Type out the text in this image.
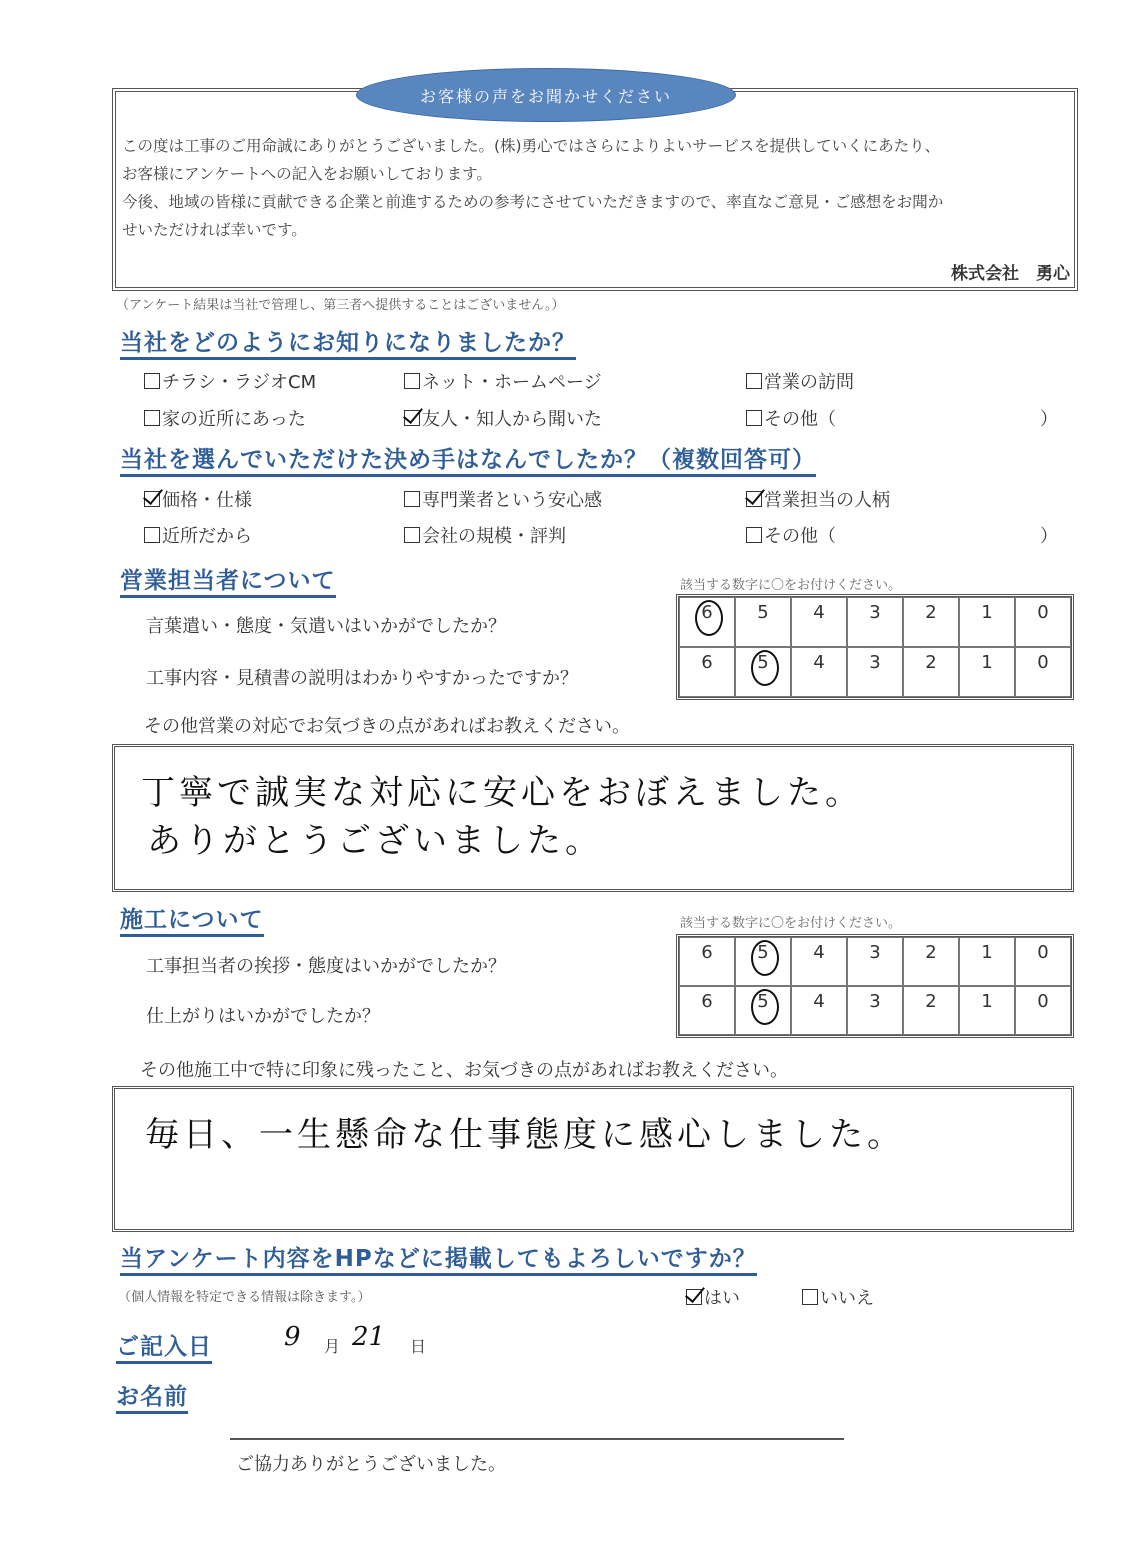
お客様の声をお聞かせください
この度は工事のご用命誠にありがとうございました。(株)勇心ではさらによりよいサービスを提供していくにあたり、
お客様にアンケートへの記入をお願いしております。
今後、地域の皆様に貢献できる企業と前進するための参考にさせていただきますので、率直なご意見・ご感想をお聞か
せいただければ幸いです。
株式会社　勇心
（アンケート結果は当社で管理し、第三者へ提供することはございません。）
当社をどのようにお知りになりましたか？
チラシ・ラジオCM	ネット・ホームページ	営業の訪問
家の近所にあった	友人・知人から聞いた	その他（	）
当社を選んでいただけた決め手はなんでしたか？（複数回答可）
価格・仕様	専門業者という安心感	営業担当の人柄
近所だから	会社の規模・評判	その他（	）
営業担当者について	該当する数字に〇をお付けください。
言葉遣い・態度・気遣いはいかがでしたか？
工事内容・見積書の説明はわかりやすかったですか？
6	5	4	3	2	1	0
6	5	4	3	2	1	0
その他営業の対応でお気づきの点があればお教えください。
丁寧で誠実な対応に安心をおぼえました。
ありがとうございました。
施工について	該当する数字に〇をお付けください。
工事担当者の挨拶・態度はいかがでしたか？
仕上がりはいかがでしたか？
6	5	4	3	2	1	0
6	5	4	3	2	1	0
その他施工中で特に印象に残ったこと、お気づきの点があればお教えください。
毎日、一生懸命な仕事態度に感心しました。
当アンケート内容をHPなどに掲載してもよろしいですか？
（個人情報を特定できる情報は除きます。）	はい	いいえ
ご記入日	9 月 21 日
お名前
ご協力ありがとうございました。
